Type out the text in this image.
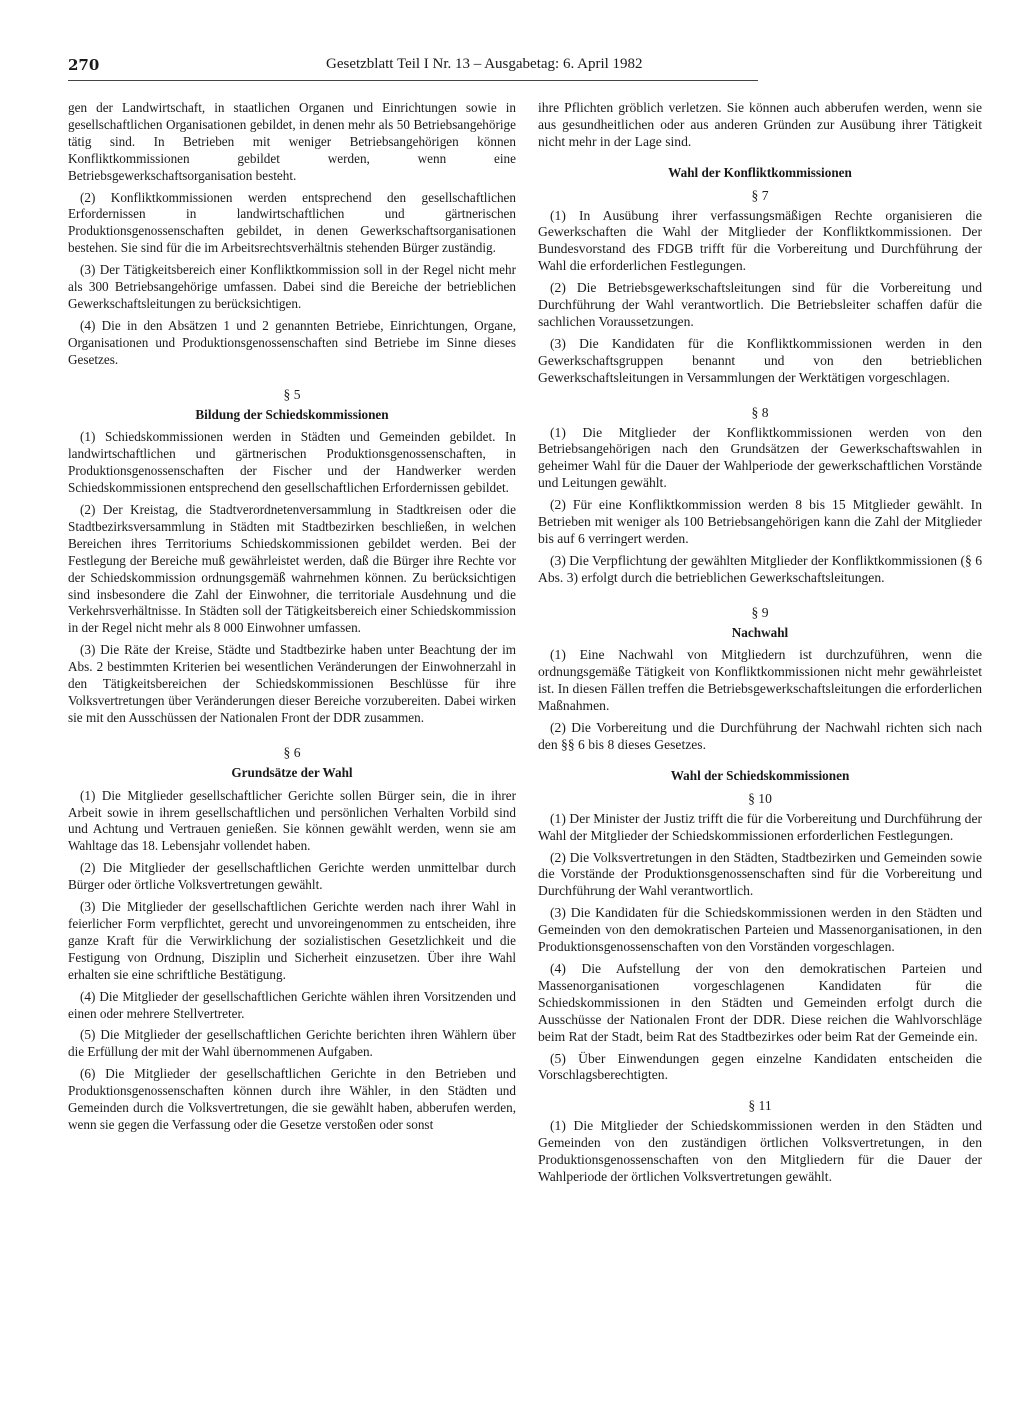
270	Gesetzblatt Teil I Nr. 13 – Ausgabetag: 6. April 1982

gen der Landwirtschaft, in staatlichen Organen und Einrichtungen sowie in gesellschaftlichen Organisationen gebildet, in denen mehr als 50 Betriebsangehörige tätig sind. In Betrieben mit weniger Betriebsangehörigen können Konfliktkommissionen gebildet werden, wenn eine Betriebsgewerkschaftsorganisation besteht.

(2) Konfliktkommissionen werden entsprechend den gesellschaftlichen Erfordernissen in landwirtschaftlichen und gärtnerischen Produktionsgenossenschaften gebildet, in denen Gewerkschaftsorganisationen bestehen. Sie sind für die im Arbeitsrechtsverhältnis stehenden Bürger zuständig.

(3) Der Tätigkeitsbereich einer Konfliktkommission soll in der Regel nicht mehr als 300 Betriebsangehörige umfassen. Dabei sind die Bereiche der betrieblichen Gewerkschaftsleitungen zu berücksichtigen.

(4) Die in den Absätzen 1 und 2 genannten Betriebe, Einrichtungen, Organe, Organisationen und Produktionsgenossenschaften sind Betriebe im Sinne dieses Gesetzes.

§ 5
Bildung der Schiedskommissionen

(1) Schiedskommissionen werden in Städten und Gemeinden gebildet. In landwirtschaftlichen und gärtnerischen Produktionsgenossenschaften, in Produktionsgenossenschaften der Fischer und der Handwerker werden Schiedskommissionen entsprechend den gesellschaftlichen Erfordernissen gebildet.

(2) Der Kreistag, die Stadtverordnetenversammlung in Stadtkreisen oder die Stadtbezirksversammlung in Städten mit Stadtbezirken beschließen, in welchen Bereichen ihres Territoriums Schiedskommissionen gebildet werden. Bei der Festlegung der Bereiche muß gewährleistet werden, daß die Bürger ihre Rechte vor der Schiedskommission ordnungsgemäß wahrnehmen können. Zu berücksichtigen sind insbesondere die Zahl der Einwohner, die territoriale Ausdehnung und die Verkehrsverhältnisse. In Städten soll der Tätigkeitsbereich einer Schiedskommission in der Regel nicht mehr als 8 000 Einwohner umfassen.

(3) Die Räte der Kreise, Städte und Stadtbezirke haben unter Beachtung der im Abs. 2 bestimmten Kriterien bei wesentlichen Veränderungen der Einwohnerzahl in den Tätigkeitsbereichen der Schiedskommissionen Beschlüsse für ihre Volksvertretungen über Veränderungen dieser Bereiche vorzubereiten. Dabei wirken sie mit den Ausschüssen der Nationalen Front der DDR zusammen.

§ 6
Grundsätze der Wahl

(1) Die Mitglieder gesellschaftlicher Gerichte sollen Bürger sein, die in ihrer Arbeit sowie in ihrem gesellschaftlichen und persönlichen Verhalten Vorbild sind und Achtung und Vertrauen genießen. Sie können gewählt werden, wenn sie am Wahltage das 18. Lebensjahr vollendet haben.

(2) Die Mitglieder der gesellschaftlichen Gerichte werden unmittelbar durch Bürger oder örtliche Volksvertretungen gewählt.

(3) Die Mitglieder der gesellschaftlichen Gerichte werden nach ihrer Wahl in feierlicher Form verpflichtet, gerecht und unvoreingenommen zu entscheiden, ihre ganze Kraft für die Verwirklichung der sozialistischen Gesetzlichkeit und die Festigung von Ordnung, Disziplin und Sicherheit einzusetzen. Über ihre Wahl erhalten sie eine schriftliche Bestätigung.

(4) Die Mitglieder der gesellschaftlichen Gerichte wählen ihren Vorsitzenden und einen oder mehrere Stellvertreter.

(5) Die Mitglieder der gesellschaftlichen Gerichte berichten ihren Wählern über die Erfüllung der mit der Wahl übernommenen Aufgaben.

(6) Die Mitglieder der gesellschaftlichen Gerichte in den Betrieben und Produktionsgenossenschaften können durch ihre Wähler, in den Städten und Gemeinden durch die Volksvertretungen, die sie gewählt haben, abberufen werden, wenn sie gegen die Verfassung oder die Gesetze verstoßen oder sonst

ihre Pflichten gröblich verletzen. Sie können auch abberufen werden, wenn sie aus gesundheitlichen oder aus anderen Gründen zur Ausübung ihrer Tätigkeit nicht mehr in der Lage sind.

Wahl der Konfliktkommissionen
§ 7

(1) In Ausübung ihrer verfassungsmäßigen Rechte organisieren die Gewerkschaften die Wahl der Mitglieder der Konfliktkommissionen. Der Bundesvorstand des FDGB trifft für die Vorbereitung und Durchführung der Wahl die erforderlichen Festlegungen.

(2) Die Betriebsgewerkschaftsleitungen sind für die Vorbereitung und Durchführung der Wahl verantwortlich. Die Betriebsleiter schaffen dafür die sachlichen Voraussetzungen.

(3) Die Kandidaten für die Konfliktkommissionen werden in den Gewerkschaftsgruppen benannt und von den betrieblichen Gewerkschaftsleitungen in Versammlungen der Werktätigen vorgeschlagen.

§ 8

(1) Die Mitglieder der Konfliktkommissionen werden von den Betriebsangehörigen nach den Grundsätzen der Gewerkschaftswahlen in geheimer Wahl für die Dauer der Wahlperiode der gewerkschaftlichen Vorstände und Leitungen gewählt.

(2) Für eine Konfliktkommission werden 8 bis 15 Mitglieder gewählt. In Betrieben mit weniger als 100 Betriebsangehörigen kann die Zahl der Mitglieder bis auf 6 verringert werden.

(3) Die Verpflichtung der gewählten Mitglieder der Konfliktkommissionen (§ 6 Abs. 3) erfolgt durch die betrieblichen Gewerkschaftsleitungen.

§ 9
Nachwahl

(1) Eine Nachwahl von Mitgliedern ist durchzuführen, wenn die ordnungsgemäße Tätigkeit von Konfliktkommissionen nicht mehr gewährleistet ist. In diesen Fällen treffen die Betriebsgewerkschaftsleitungen die erforderlichen Maßnahmen.

(2) Die Vorbereitung und die Durchführung der Nachwahl richten sich nach den §§ 6 bis 8 dieses Gesetzes.

Wahl der Schiedskommissionen
§ 10

(1) Der Minister der Justiz trifft die für die Vorbereitung und Durchführung der Wahl der Mitglieder der Schiedskommissionen erforderlichen Festlegungen.

(2) Die Volksvertretungen in den Städten, Stadtbezirken und Gemeinden sowie die Vorstände der Produktionsgenossenschaften sind für die Vorbereitung und Durchführung der Wahl verantwortlich.

(3) Die Kandidaten für die Schiedskommissionen werden in den Städten und Gemeinden von den demokratischen Parteien und Massenorganisationen, in den Produktionsgenossenschaften von den Vorständen vorgeschlagen.

(4) Die Aufstellung der von den demokratischen Parteien und Massenorganisationen vorgeschlagenen Kandidaten für die Schiedskommissionen in den Städten und Gemeinden erfolgt durch die Ausschüsse der Nationalen Front der DDR. Diese reichen die Wahlvorschläge beim Rat der Stadt, beim Rat des Stadtbezirkes oder beim Rat der Gemeinde ein.

(5) Über Einwendungen gegen einzelne Kandidaten entscheiden die Vorschlagsberechtigten.

§ 11

(1) Die Mitglieder der Schiedskommissionen werden in den Städten und Gemeinden von den zuständigen örtlichen Volksvertretungen, in den Produktionsgenossenschaften von den Mitgliedern für die Dauer der Wahlperiode der örtlichen Volksvertretungen gewählt.
